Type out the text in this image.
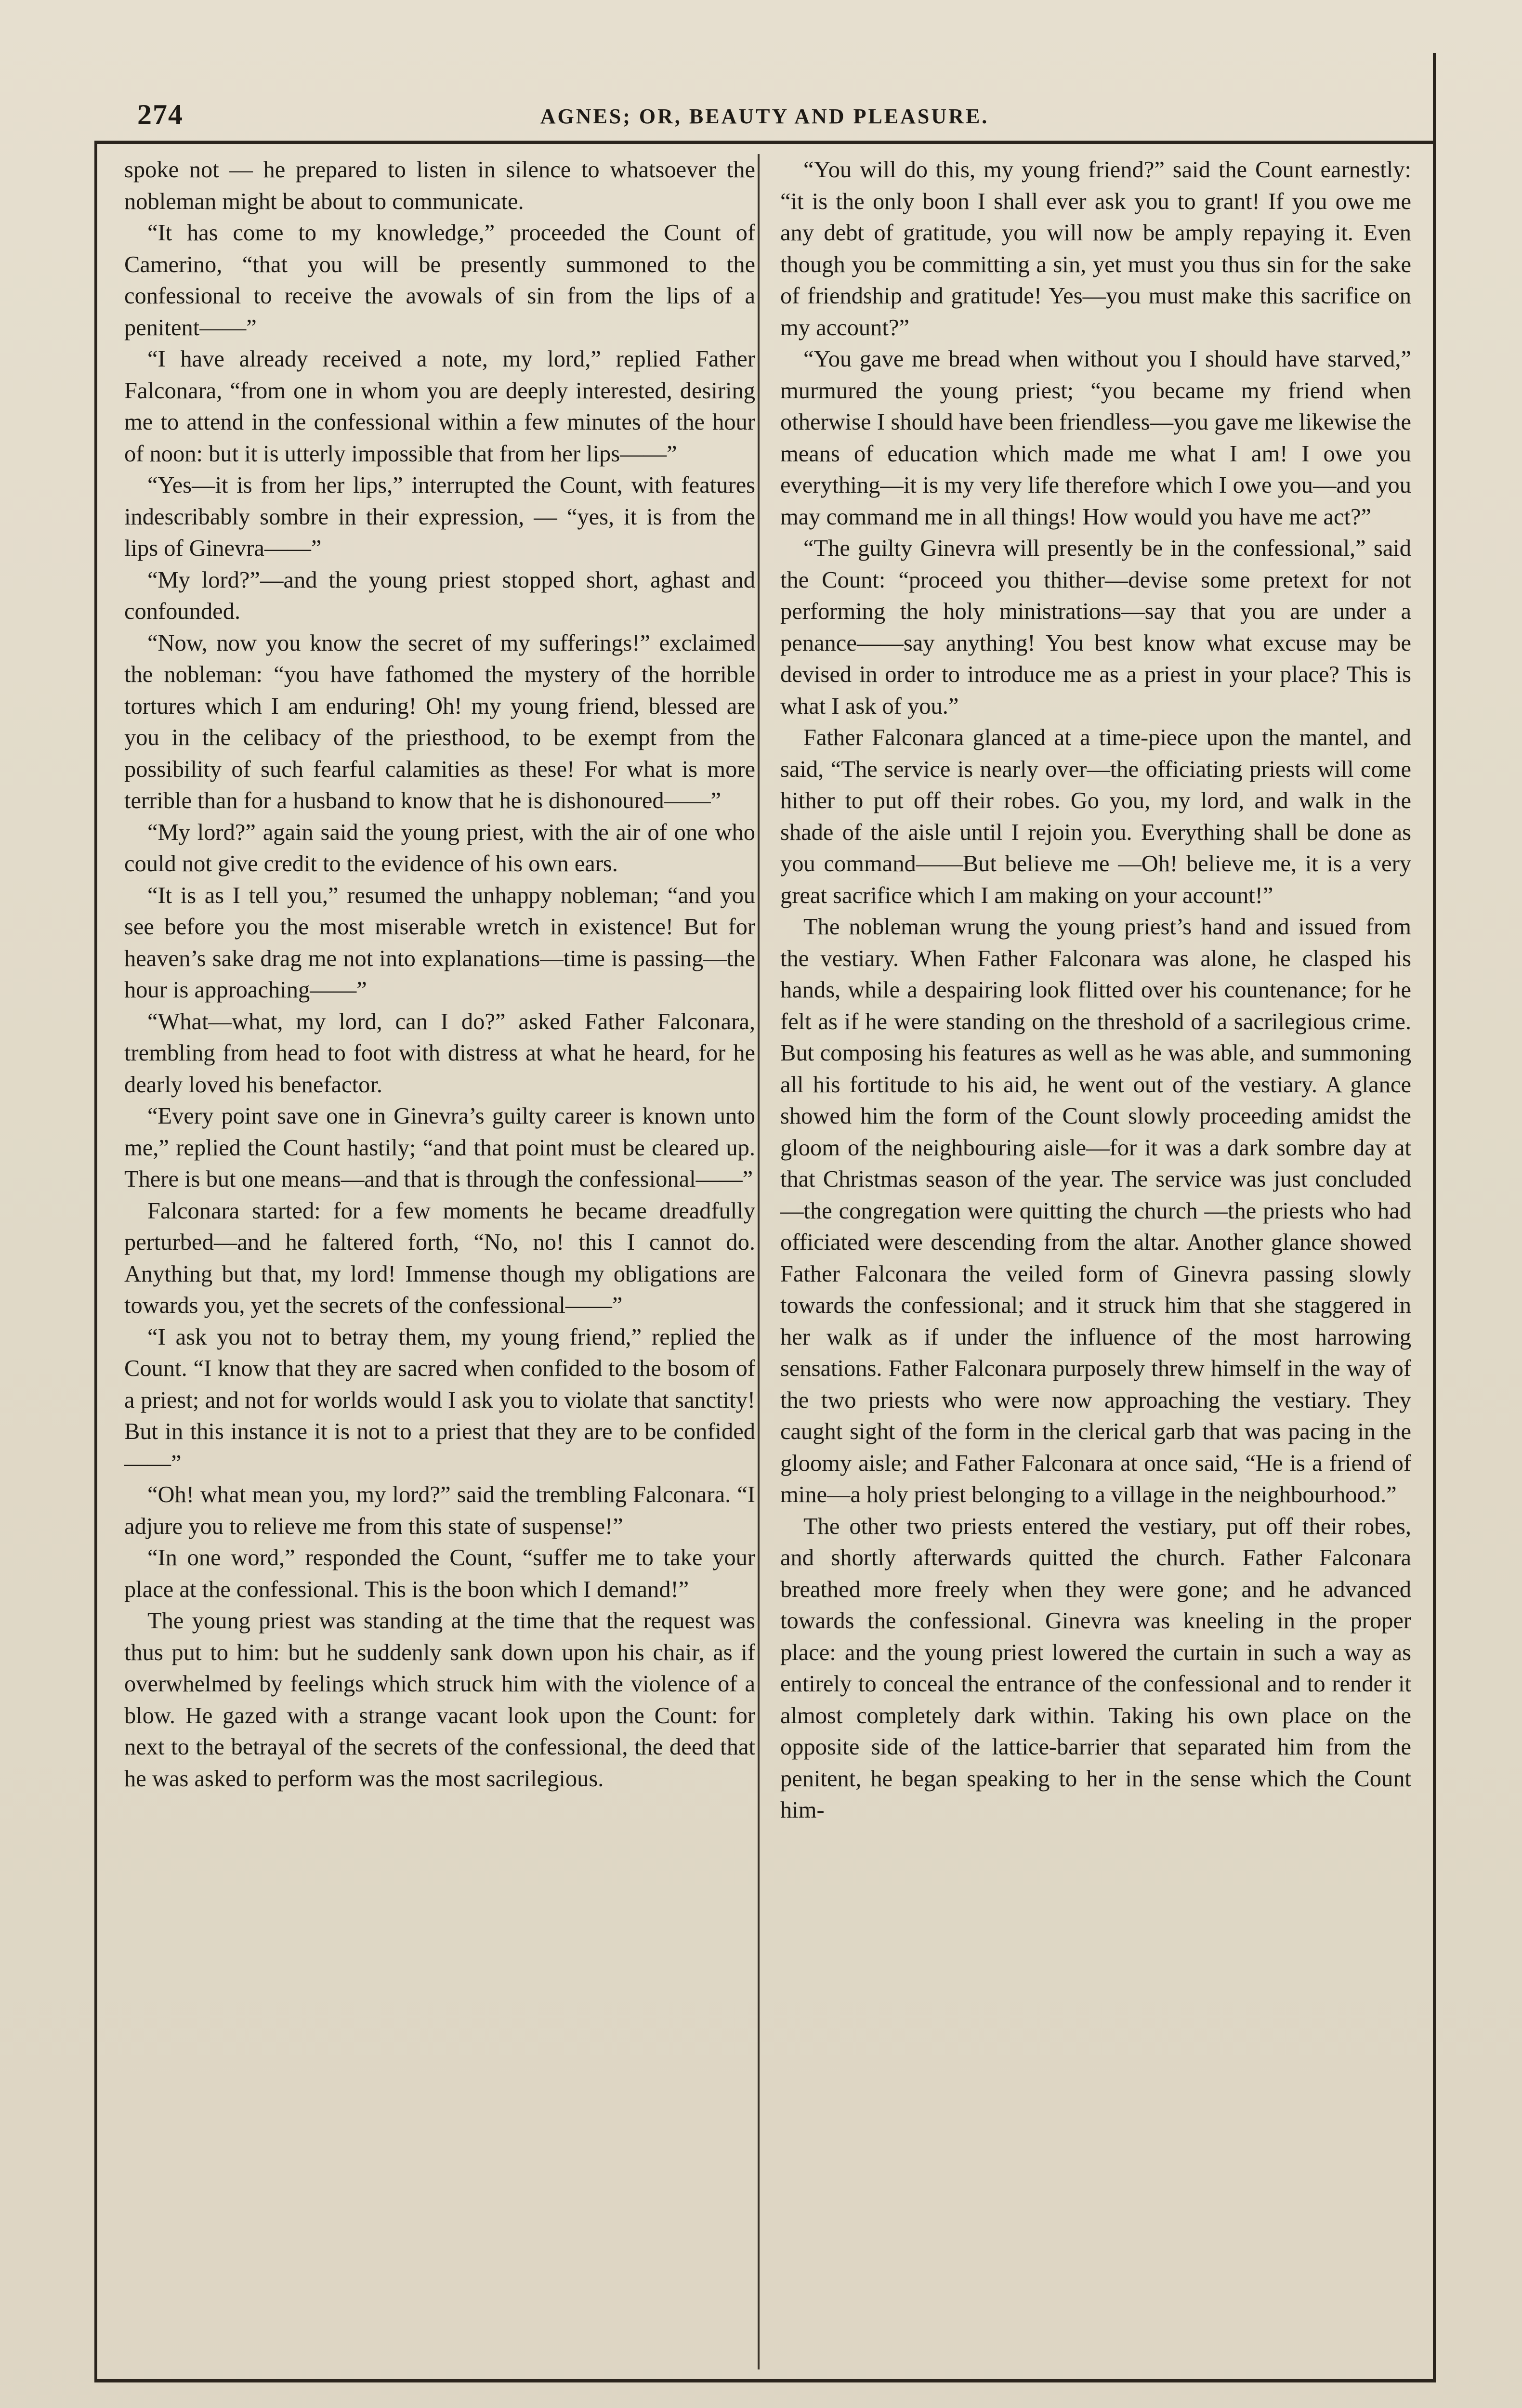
274	AGNES; OR, BEAUTY AND PLEASURE.

spoke not — he prepared to listen in silence to whatsoever the nobleman might be about to communicate.

“It has come to my knowledge,” proceeded the Count of Camerino, “that you will be presently summoned to the confessional to receive the avowals of sin from the lips of a penitent——”

“I have already received a note, my lord,” replied Father Falconara, “from one in whom you are deeply interested, desiring me to attend in the confessional within a few minutes of the hour of noon: but it is utterly impossible that from her lips——”

“Yes—it is from her lips,” interrupted the Count, with features indescribably sombre in their expression, — “yes, it is from the lips of Ginevra——”

“My lord?”—and the young priest stopped short, aghast and confounded.

“Now, now you know the secret of my sufferings!” exclaimed the nobleman: “you have fathomed the mystery of the horrible tortures which I am enduring! Oh! my young friend, blessed are you in the celibacy of the priesthood, to be exempt from the possibility of such fearful calamities as these! For what is more terrible than for a husband to know that he is dishonoured——”

“My lord?” again said the young priest, with the air of one who could not give credit to the evidence of his own ears.

“It is as I tell you,” resumed the unhappy nobleman; “and you see before you the most miserable wretch in existence! But for heaven’s sake drag me not into explanations—time is passing—the hour is approaching——”

“What—what, my lord, can I do?” asked Father Falconara, trembling from head to foot with distress at what he heard, for he dearly loved his benefactor.

“Every point save one in Ginevra’s guilty career is known unto me,” replied the Count hastily; “and that point must be cleared up. There is but one means—and that is through the confessional——”

Falconara started: for a few moments he became dreadfully perturbed—and he faltered forth, “No, no! this I cannot do. Anything but that, my lord! Immense though my obligations are towards you, yet the secrets of the confessional——”

“I ask you not to betray them, my young friend,” replied the Count. “I know that they are sacred when confided to the bosom of a priest; and not for worlds would I ask you to violate that sanctity! But in this instance it is not to a priest that they are to be confided——”

“Oh! what mean you, my lord?” said the trembling Falconara. “I adjure you to relieve me from this state of suspense!”

“In one word,” responded the Count, “suffer me to take your place at the confessional. This is the boon which I demand!”

The young priest was standing at the time that the request was thus put to him: but he suddenly sank down upon his chair, as if overwhelmed by feelings which struck him with the violence of a blow. He gazed with a strange vacant look upon the Count: for next to the betrayal of the secrets of the confessional, the deed that he was asked to perform was the most sacrilegious.

“You will do this, my young friend?” said the Count earnestly: “it is the only boon I shall ever ask you to grant! If you owe me any debt of gratitude, you will now be amply repaying it. Even though you be committing a sin, yet must you thus sin for the sake of friendship and gratitude! Yes—you must make this sacrifice on my account?”

“You gave me bread when without you I should have starved,” murmured the young priest; “you became my friend when otherwise I should have been friendless—you gave me likewise the means of education which made me what I am! I owe you everything—it is my very life therefore which I owe you—and you may command me in all things! How would you have me act?”

“The guilty Ginevra will presently be in the confessional,” said the Count: “proceed you thither—devise some pretext for not performing the holy ministrations—say that you are under a penance——say anything! You best know what excuse may be devised in order to introduce me as a priest in your place? This is what I ask of you.”

Father Falconara glanced at a time-piece upon the mantel, and said, “The service is nearly over—the officiating priests will come hither to put off their robes. Go you, my lord, and walk in the shade of the aisle until I rejoin you. Everything shall be done as you command——But believe me —Oh! believe me, it is a very great sacrifice which I am making on your account!”

The nobleman wrung the young priest’s hand and issued from the vestiary. When Father Falconara was alone, he clasped his hands, while a despairing look flitted over his countenance; for he felt as if he were standing on the threshold of a sacrilegious crime. But composing his features as well as he was able, and summoning all his fortitude to his aid, he went out of the vestiary. A glance showed him the form of the Count slowly proceeding amidst the gloom of the neighbouring aisle—for it was a dark sombre day at that Christmas season of the year. The service was just concluded—the congregation were quitting the church —the priests who had officiated were descending from the altar. Another glance showed Father Falconara the veiled form of Ginevra passing slowly towards the confessional; and it struck him that she staggered in her walk as if under the influence of the most harrowing sensations. Father Falconara purposely threw himself in the way of the two priests who were now approaching the vestiary. They caught sight of the form in the clerical garb that was pacing in the gloomy aisle; and Father Falconara at once said, “He is a friend of mine—a holy priest belonging to a village in the neighbourhood.”

The other two priests entered the vestiary, put off their robes, and shortly afterwards quitted the church. Father Falconara breathed more freely when they were gone; and he advanced towards the confessional. Ginevra was kneeling in the proper place: and the young priest lowered the curtain in such a way as entirely to conceal the entrance of the confessional and to render it almost completely dark within. Taking his own place on the opposite side of the lattice-barrier that separated him from the penitent, he began speaking to her in the sense which the Count him-
